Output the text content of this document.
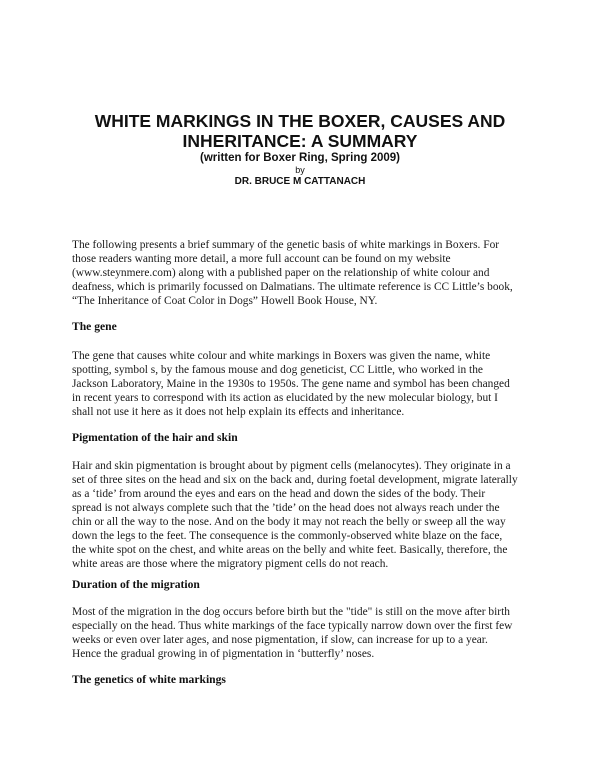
WHITE MARKINGS IN THE BOXER, CAUSES AND
INHERITANCE: A SUMMARY
(written for Boxer Ring, Spring 2009)
by
DR. BRUCE M CATTANACH
The following presents a brief summary of the genetic basis of white markings in Boxers. For
those readers wanting more detail, a more full account can be found on my website
(www.steynmere.com) along with a published paper on the relationship of white colour and
deafness, which is primarily focussed on Dalmatians. The ultimate reference is CC Little’s book,
“The Inheritance of Coat Color in Dogs” Howell Book House, NY.
The gene
The gene that causes white colour and white markings in Boxers was given the name, white
spotting, symbol s, by the famous mouse and dog geneticist, CC Little, who worked in the
Jackson Laboratory, Maine in the 1930s to 1950s. The gene name and symbol has been changed
in recent years to correspond with its action as elucidated by the new molecular biology, but I
shall not use it here as it does not help explain its effects and inheritance.
Pigmentation of the hair and skin
Hair and skin pigmentation is brought about by pigment cells (melanocytes). They originate in a
set of three sites on the head and six on the back and, during foetal development, migrate laterally
as a ‘tide’ from around the eyes and ears on the head and down the sides of the body. Their
spread is not always complete such that the ’tide’ on the head does not always reach under the
chin or all the way to the nose. And on the body it may not reach the belly or sweep all the way
down the legs to the feet. The consequence is the commonly-observed white blaze on the face,
the white spot on the chest, and white areas on the belly and white feet. Basically, therefore, the
white areas are those where the migratory pigment cells do not reach.
Duration of the migration
Most of the migration in the dog occurs before birth but the "tide" is still on the move after birth
especially on the head. Thus white markings of the face typically narrow down over the first few
weeks or even over later ages, and nose pigmentation, if slow, can increase for up to a year.
Hence the gradual growing in of pigmentation in ‘butterfly’ noses.
The genetics of white markings
